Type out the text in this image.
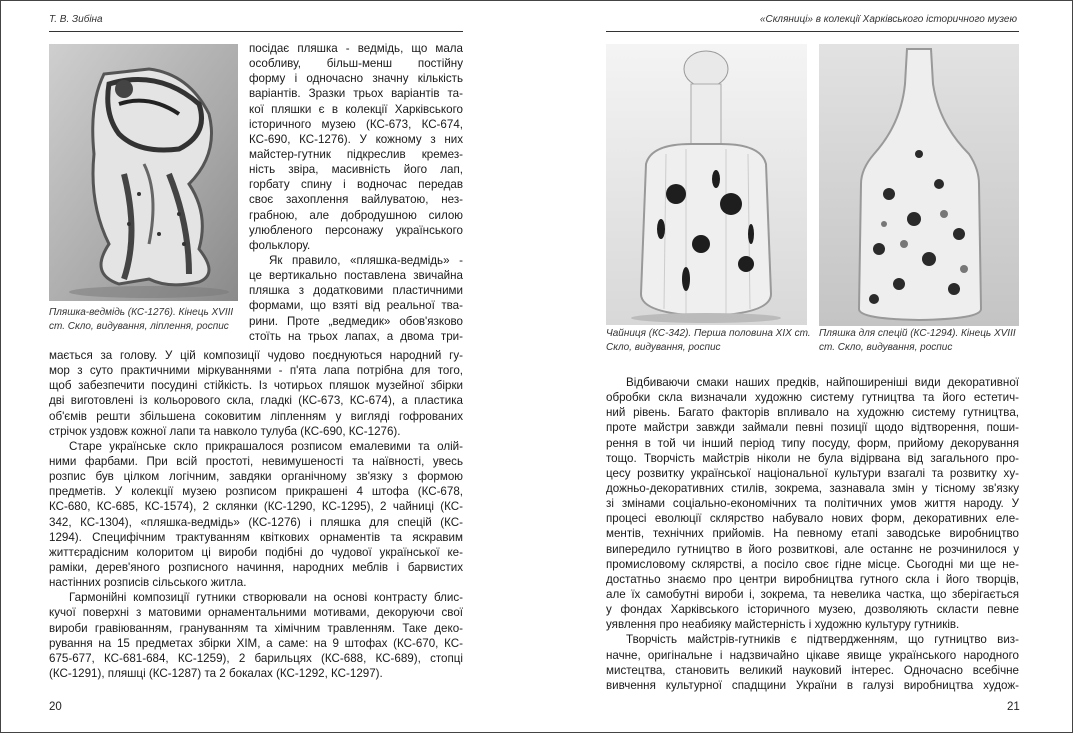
Т. В. Зибіна
Пляшка-ведмідь (КС-1276). Кінець XVIII
ст. Скло, видування, ліплення, роспис
посідає пляшка - ведмідь, що мала
особливу, більш-менш постійну
форму і одночасно значну кількість
варіантів. Зразки трьох варіантів та-
кої пляшки є в колекції Харківського
історичного музею (КС-673, КС-674,
КС-690, КС-1276). У кожному з них
майстер-гутник підкреслив кремез-
ність звіра, масивність його лап,
горбату спину і водночас передав
своє захоплення вайлуватою, нез-
грабною, але добродушною силою
улюбленого персонажу українського
фольклору.
Як правило, «пляшка-ведмідь» -
це вертикально поставлена звичайна
пляшка з додатковими пластичними
формами, що взяті від реальної тва-
рини. Проте „ведмедик» обов'язково
стоїть на трьох лапах, а двома три-
мається за голову. У цій композиції чудово поєднуються народний гу-
мор з суто практичними міркуваннями - п'ята лапа потрібна для того,
щоб забезпечити посудині стійкість. Із чотирьох пляшок музейної збірки
дві виготовлені із кольорового скла, гладкі (КС-673, КС-674), а пластика
об'ємів решти збільшена соковитим ліпленням у вигляді гофрованих
стрічок уздовж кожної лапи та навколо тулуба (КС-690, КС-1276).
Старе українське скло прикрашалося розписом емалевими та олій-
ними фарбами. При всій простоті, невимушеності та наївності, увесь
розпис був цілком логічним, завдяки органічному зв'язку з формою
предметів. У колекції музею розписом прикрашені 4 штофа (КС-678,
КС-680, КС-685, КС-1574), 2 склянки (КС-1290, КС-1295), 2 чайниці (КС-
342, КС-1304), «пляшка-ведмідь» (КС-1276) і пляшка для спецій (КС-
1294). Специфічним трактуванням квіткових орнаментів та яскравим
життєрадісним колоритом ці вироби подібні до чудової української ке-
раміки, дерев'яного розписного начиння, народних меблів і барвистих
настінних розписів сільського житла.
Гармонійні композиції гутники створювали на основі контрасту блис-
кучої поверхні з матовими орнаментальними мотивами, декоруючи свої
вироби гравіюванням, грануванням та хімічним травленням. Таке деко-
рування на 15 предметах збірки ХІМ, а саме: на 9 штофах (КС-670, КС-
675-677, КС-681-684, КС-1259), 2 барильцях (КС-688, КС-689), стопці
(КС-1291), пляшці (КС-1287) та 2 бокалах (КС-1292, КС-1297).
20
«Скляниці» в колекції Харківського історичного музею
Чайниця (КС-342). Перша половина XIX ст.
Скло, видування, роспис
Пляшка для спецій (КС-1294). Кінець XVIII
ст. Скло, видування, роспис
Відбиваючи смаки наших предків, найпоширеніші види декоративної
обробки скла визначали художню систему гутництва та його естетич-
ний рівень. Багато факторів впливало на художню систему гутництва,
проте майстри завжди займали певні позиції щодо відтворення, поши-
рення в той чи інший період типу посуду, форм, прийому декорування
тощо. Творчість майстрів ніколи не була відірвана від загального про-
цесу розвитку української національної культури взагалі та розвитку ху-
дожньо-декоративних стилів, зокрема, зазнавала змін у тісному зв'язку
зі змінами соціально-економічних та політичних умов життя народу. У
процесі еволюції склярство набувало нових форм, декоративних еле-
ментів, технічних прийомів. На певному етапі заводське виробництво
випередило гутництво в його розвиткові, але останнє не розчинилося у
промисловому склярстві, а посіло своє гідне місце. Сьогодні ми ще не-
достатньо знаємо про центри виробництва гутного скла і його творців,
але їх самобутні вироби і, зокрема, та невелика частка, що зберігається
у фондах Харківського історичного музею, дозволяють скласти певне
уявлення про неабияку майстерність і художню культуру гутників.
Творчість майстрів-гутників є підтвердженням, що гутництво виз-
начне, оригінальне і надзвичайно цікаве явище українського народного
мистецтва, становить великий науковий інтерес. Одночасно всебічне
вивчення культурної спадщини України в галузі виробництва худож-
21
